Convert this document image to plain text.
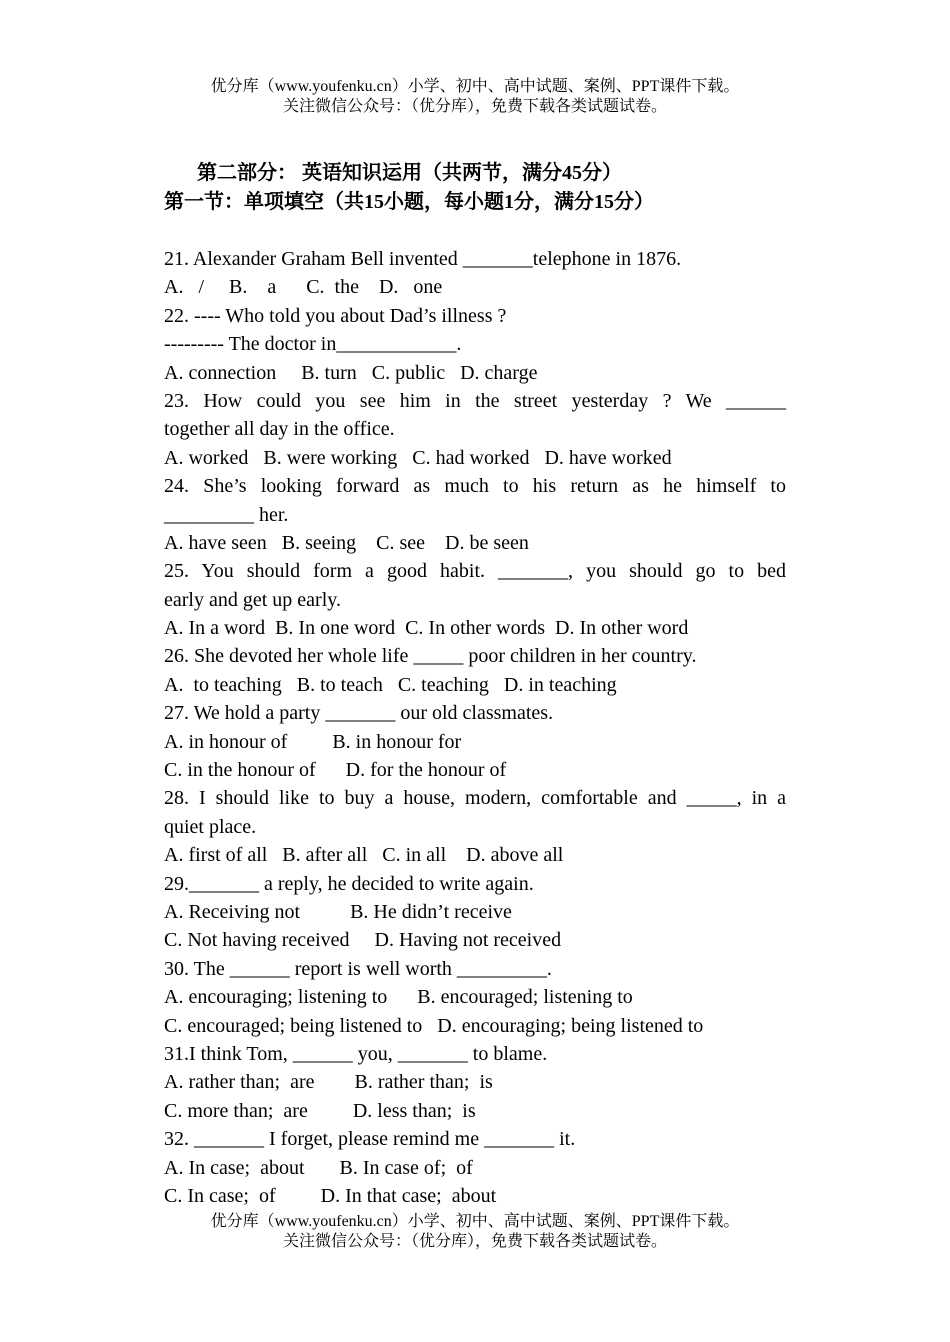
优分库（www.youfenku.cn）小学、初中、高中试题、案例、PPT课件下载。
关注微信公众号：（优分库），免费下载各类试题试卷。
第二部分： 英语知识运用（共两节，满分45分）
第一节：单项填空（共15小题，每小题1分，满分15分）
21. Alexander Graham Bell invented _______telephone in 1876.
A.   /     B.    a      C.  the    D.   one
22. ---- Who told you about Dad’s illness ?
--------- The doctor in____________.
A. connection     B. turn   C. public   D. charge
23. How could you see him in the street yesterday ? We ______
together all day in the office.
A. worked   B. were working   C. had worked   D. have worked
24. She’s looking forward as much to his return as he himself to
_________ her.
A. have seen   B. seeing    C. see    D. be seen
25. You should form a good habit. _______, you should go to bed
early and get up early.
A. In a word  B. In one word  C. In other words  D. In other word
26. She devoted her whole life _____ poor children in her country.
A.  to teaching   B. to teach   C. teaching   D. in teaching
27. We hold a party _______ our old classmates.
A. in honour of         B. in honour for
C. in the honour of      D. for the honour of
28. I should like to buy a house, modern, comfortable and _____, in a
quiet place.
A. first of all   B. after all   C. in all    D. above all
29._______ a reply, he decided to write again.
A. Receiving not          B. He didn’t receive
C. Not having received     D. Having not received
30. The ______ report is well worth _________.
A. encouraging; listening to      B. encouraged; listening to
C. encouraged; being listened to   D. encouraging; being listened to
31.I think Tom, ______ you, _______ to blame.
A. rather than;  are        B. rather than;  is
C. more than;  are         D. less than;  is
32. _______ I forget, please remind me _______ it.
A. In case;  about       B. In case of;  of
C. In case;  of         D. In that case;  about
优分库（www.youfenku.cn）小学、初中、高中试题、案例、PPT课件下载。
关注微信公众号：（优分库），免费下载各类试题试卷。
